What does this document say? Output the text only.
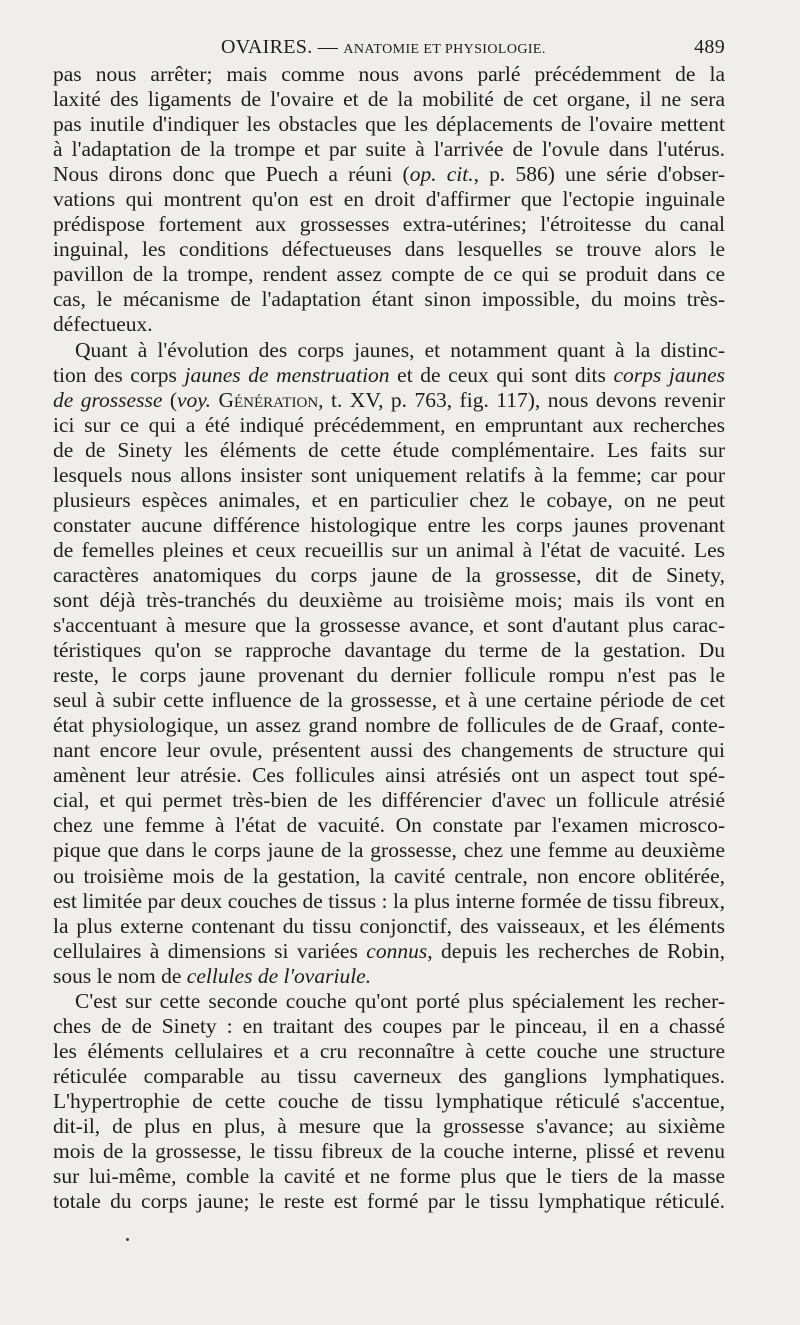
OVAIRES. — ANATOMIE ET PHYSIOLOGIE.	489

pas nous arrêter; mais comme nous avons parlé précédemment de la
laxité des ligaments de l'ovaire et de la mobilité de cet organe, il ne sera
pas inutile d'indiquer les obstacles que les déplacements de l'ovaire mettent
à l'adaptation de la trompe et par suite à l'arrivée de l'ovule dans l'utérus.
Nous dirons donc que Puech a réuni (op. cit., p. 586) une série d'obser-
vations qui montrent qu'on est en droit d'affirmer que l'ectopie inguinale
prédispose fortement aux grossesses extra-utérines; l'étroitesse du canal
inguinal, les conditions défectueuses dans lesquelles se trouve alors le
pavillon de la trompe, rendent assez compte de ce qui se produit dans ce
cas, le mécanisme de l'adaptation étant sinon impossible, du moins très-
défectueux.

Quant à l'évolution des corps jaunes, et notamment quant à la distinc-
tion des corps jaunes de menstruation et de ceux qui sont dits corps jaunes
de grossesse (voy. Génération, t. XV, p. 763, fig. 117), nous devons revenir
ici sur ce qui a été indiqué précédemment, en empruntant aux recherches
de de Sinety les éléments de cette étude complémentaire. Les faits sur
lesquels nous allons insister sont uniquement relatifs à la femme; car pour
plusieurs espèces animales, et en particulier chez le cobaye, on ne peut
constater aucune différence histologique entre les corps jaunes provenant
de femelles pleines et ceux recueillis sur un animal à l'état de vacuité. Les
caractères anatomiques du corps jaune de la grossesse, dit de Sinety,
sont déjà très-tranchés du deuxième au troisième mois; mais ils vont en
s'accentuant à mesure que la grossesse avance, et sont d'autant plus carac-
téristiques qu'on se rapproche davantage du terme de la gestation. Du
reste, le corps jaune provenant du dernier follicule rompu n'est pas le
seul à subir cette influence de la grossesse, et à une certaine période de cet
état physiologique, un assez grand nombre de follicules de de Graaf, conte-
nant encore leur ovule, présentent aussi des changements de structure qui
amènent leur atrésie. Ces follicules ainsi atrésiés ont un aspect tout spé-
cial, et qui permet très-bien de les différencier d'avec un follicule atrésié
chez une femme à l'état de vacuité. On constate par l'examen microsco-
pique que dans le corps jaune de la grossesse, chez une femme au deuxième
ou troisième mois de la gestation, la cavité centrale, non encore oblitérée,
est limitée par deux couches de tissus : la plus interne formée de tissu fibreux,
la plus externe contenant du tissu conjonctif, des vaisseaux, et les éléments
cellulaires à dimensions si variées connus, depuis les recherches de Robin,
sous le nom de cellules de l'ovariule.

C'est sur cette seconde couche qu'ont porté plus spécialement les recher-
ches de de Sinety : en traitant des coupes par le pinceau, il en a chassé
les éléments cellulaires et a cru reconnaître à cette couche une structure
réticulée comparable au tissu caverneux des ganglions lymphatiques.
L'hypertrophie de cette couche de tissu lymphatique réticulé s'accentue,
dit-il, de plus en plus, à mesure que la grossesse s'avance; au sixième
mois de la grossesse, le tissu fibreux de la couche interne, plissé et revenu
sur lui-même, comble la cavité et ne forme plus que le tiers de la masse
totale du corps jaune; le reste est formé par le tissu lymphatique réticulé.
